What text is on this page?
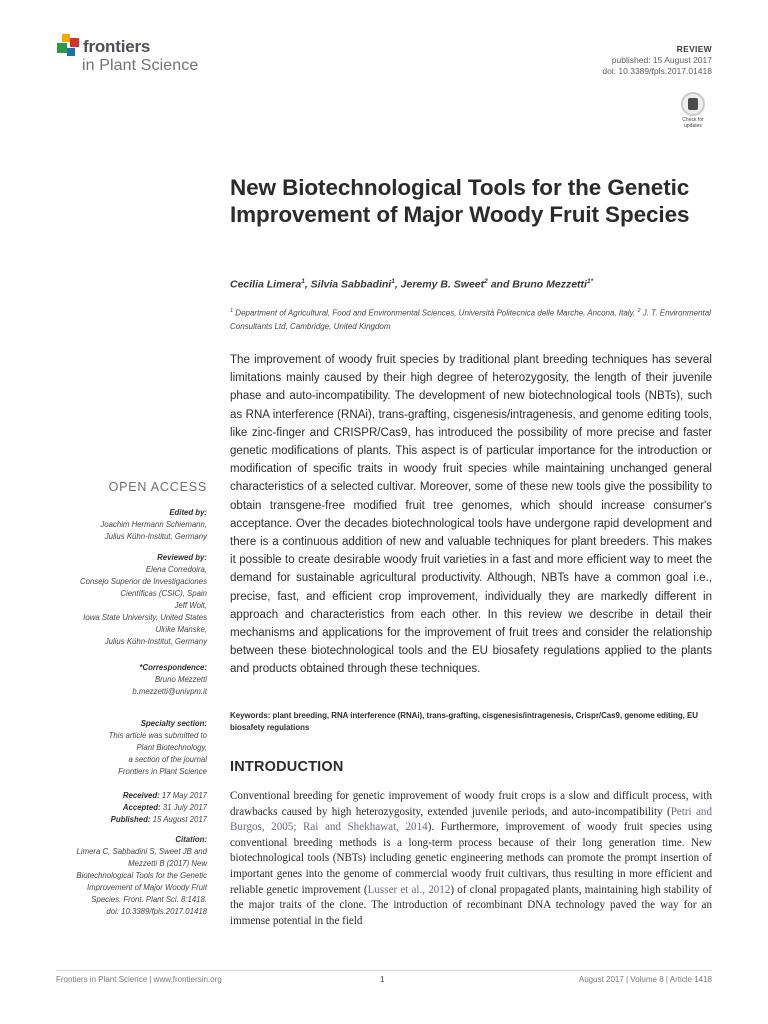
frontiers
in Plant Science
REVIEW
published: 15 August 2017
doi: 10.3389/fpls.2017.01418
Check for
updates
New Biotechnological Tools for the Genetic Improvement of Major Woody Fruit Species
Cecilia Limera$^1$, Silvia Sabbadini$^1$, Jeremy B. Sweet$^2$ and Bruno Mezzetti$^{1*}$
$^1$ Department of Agricultural, Food and Environmental Sciences, Università Politecnica delle Marche, Ancona, Italy, $^2$ J. T. Environmental Consultants Ltd, Cambridge, United Kingdom
The improvement of woody fruit species by traditional plant breeding techniques has several limitations mainly caused by their high degree of heterozygosity, the length of their juvenile phase and auto-incompatibility. The development of new biotechnological tools (NBTs), such as RNA interference (RNAi), trans-grafting, cisgenesis/intragenesis, and genome editing tools, like zinc-finger and CRISPR/Cas9, has introduced the possibility of more precise and faster genetic modifications of plants. This aspect is of particular importance for the introduction or modification of specific traits in woody fruit species while maintaining unchanged general characteristics of a selected cultivar. Moreover, some of these new tools give the possibility to obtain transgene-free modified fruit tree genomes, which should increase consumer's acceptance. Over the decades biotechnological tools have undergone rapid development and there is a continuous addition of new and valuable techniques for plant breeders. This makes it possible to create desirable woody fruit varieties in a fast and more efficient way to meet the demand for sustainable agricultural productivity. Although, NBTs have a common goal i.e., precise, fast, and efficient crop improvement, individually they are markedly different in approach and characteristics from each other. In this review we describe in detail their mechanisms and applications for the improvement of fruit trees and consider the relationship between these biotechnological tools and the EU biosafety regulations applied to the plants and products obtained through these techniques.
Keywords: plant breeding, RNA interference (RNAi), trans-grafting, cisgenesis/intragenesis, Crispr/Cas9, genome editing, EU biosafety regulations
INTRODUCTION
Conventional breeding for genetic improvement of woody fruit crops is a slow and difficult process, with drawbacks caused by high heterozygosity, extended juvenile periods, and auto-incompatibility (Petri and Burgos, 2005; Rai and Shekhawat, 2014). Furthermore, improvement of woody fruit species using conventional breeding methods is a long-term process because of their long generation time. New biotechnological tools (NBTs) including genetic engineering methods can promote the prompt insertion of important genes into the genome of commercial woody fruit cultivars, thus resulting in more efficient and reliable genetic improvement (Lusser et al., 2012) of clonal propagated plants, maintaining high stability of the major traits of the clone. The introduction of recombinant DNA technology paved the way for an immense potential in the field
OPEN ACCESS
Edited by:
Joachim Hermann Schiemann,
Julius Kühn-Institut, Germany
Reviewed by:
Elena Corredoira,
Consejo Superior de Investigaciones
Científicas (CSIC), Spain
Jeff Wolt,
Iowa State University, United States
Ulrike Manske,
Julius Kühn-Institut, Germany
*Correspondence:
Bruno Mezzetti
b.mezzetti@univpm.it
Specialty section:
This article was submitted to
Plant Biotechnology,
a section of the journal
Frontiers in Plant Science
Received: 17 May 2017
Accepted: 31 July 2017
Published: 15 August 2017
Citation:
Limera C, Sabbadini S, Sweet JB and
Mezzetti B (2017) New
Biotechnological Tools for the Genetic
Improvement of Major Woody Fruit
Species. Front. Plant Sci. 8:1418.
doi: 10.3389/fpls.2017.01418
Frontiers in Plant Science | www.frontiersin.org	1	August 2017 | Volume 8 | Article 1418
